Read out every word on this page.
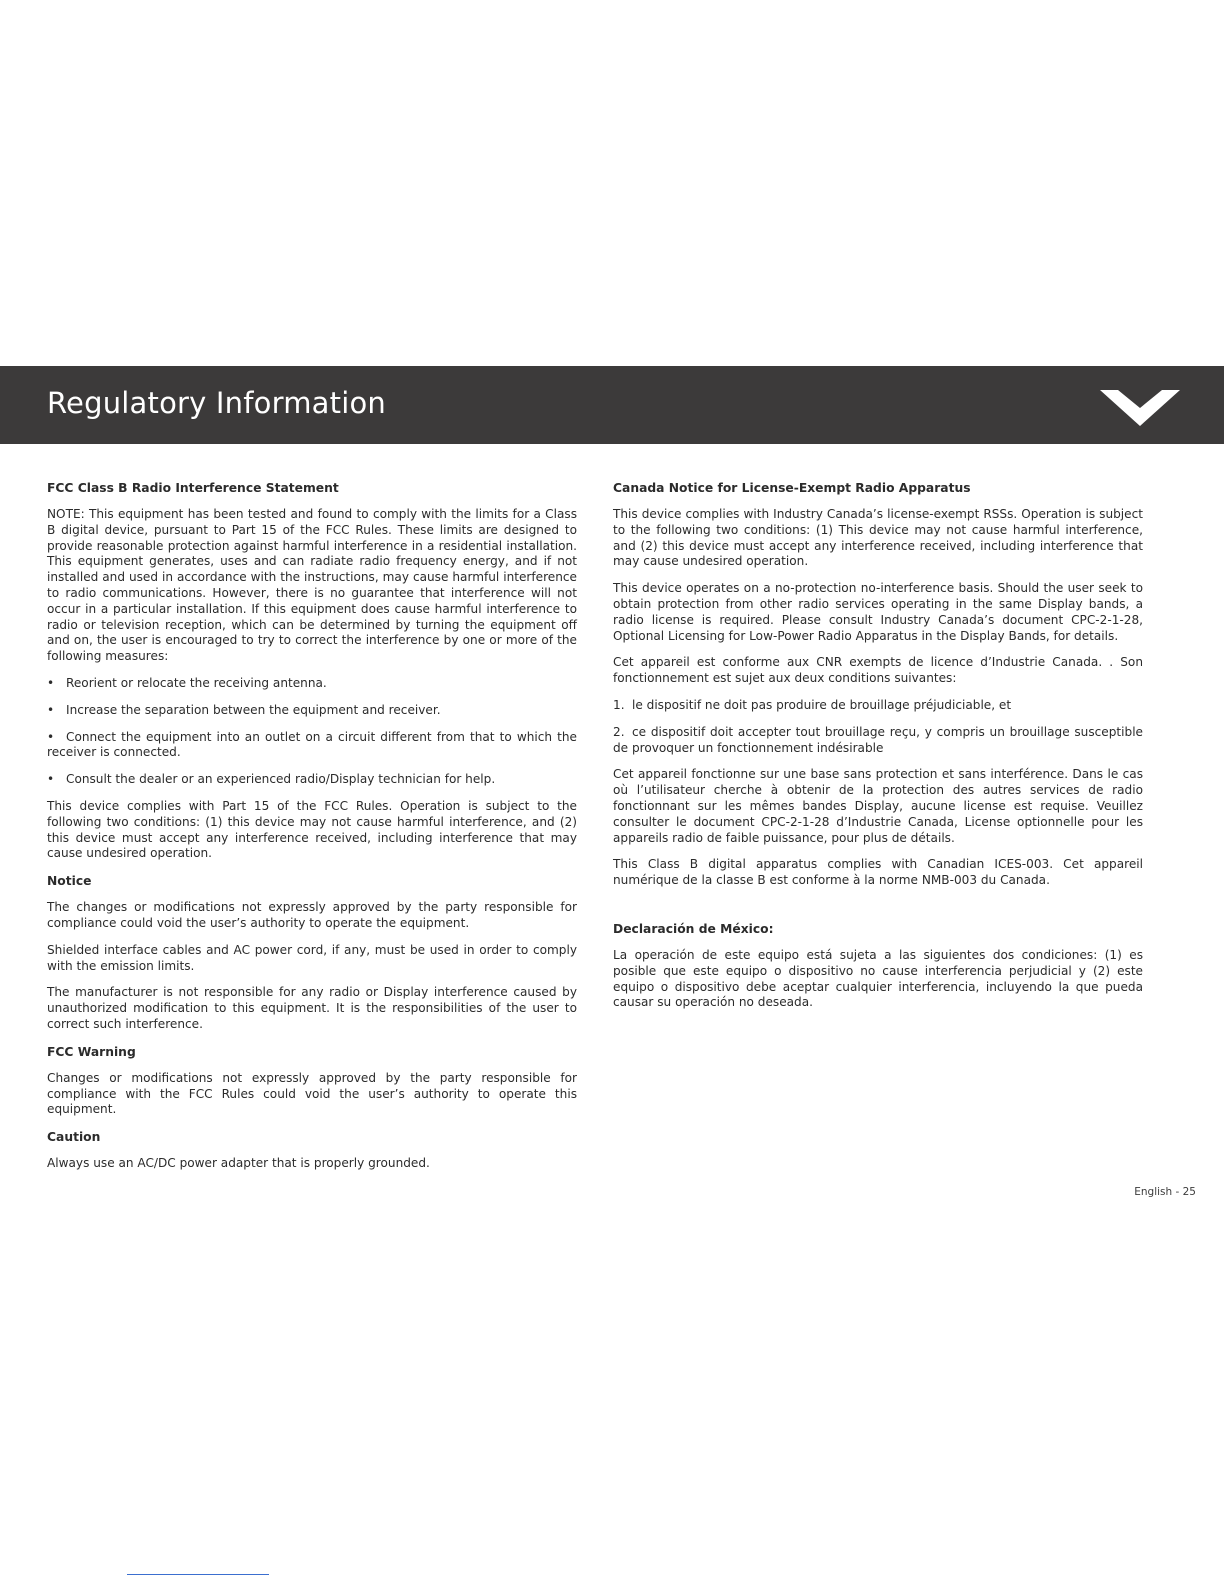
Regulatory Information
FCC Class B Radio Interference Statement

NOTE: This equipment has been tested and found to comply with the limits for a Class B digital device, pursuant to Part 15 of the FCC Rules. These limits are designed to provide reasonable protection against harmful interference in a residential installation. This equipment generates, uses and can radiate radio frequency energy, and if not installed and used in accordance with the instructions, may cause harmful interference to radio communications. However, there is no guarantee that interference will not occur in a particular installation. If this equipment does cause harmful interference to radio or television reception, which can be determined by turning the equipment off and on, the user is encouraged to try to correct the interference by one or more of the following measures:

• Reorient or relocate the receiving antenna.

• Increase the separation between the equipment and receiver.

• Connect the equipment into an outlet on a circuit different from that to which the receiver is connected.

• Consult the dealer or an experienced radio/Display technician for help.

This device complies with Part 15 of the FCC Rules. Operation is subject to the following two conditions: (1) this device may not cause harmful interference, and (2) this device must accept any interference received, including interference that may cause undesired operation.

Notice

The changes or modifications not expressly approved by the party responsible for compliance could void the user’s authority to operate the equipment.

Shielded interface cables and AC power cord, if any, must be used in order to comply with the emission limits.

The manufacturer is not responsible for any radio or Display interference caused by unauthorized modification to this equipment. It is the responsibilities of the user to correct such interference.

FCC Warning

Changes or modifications not expressly approved by the party responsible for compliance with the FCC Rules could void the user’s authority to operate this equipment.

Caution

Always use an AC/DC power adapter that is properly grounded.

Canada Notice for License-Exempt Radio Apparatus

This device complies with Industry Canada’s license-exempt RSSs. Operation is subject to the following two conditions: (1) This device may not cause harmful interference, and (2) this device must accept any interference received, including interference that may cause undesired operation.

This device operates on a no-protection no-interference basis. Should the user seek to obtain protection from other radio services operating in the same Display bands, a radio license is required. Please consult Industry Canada’s document CPC-2-1-28, Optional Licensing for Low-Power Radio Apparatus in the Display Bands, for details.

Cet appareil est conforme aux CNR exempts de licence d’Industrie Canada. . Son fonctionnement est sujet aux deux conditions suivantes:

1. le dispositif ne doit pas produire de brouillage préjudiciable, et

2. ce dispositif doit accepter tout brouillage reçu, y compris un brouillage susceptible de provoquer un fonctionnement indésirable

Cet appareil fonctionne sur une base sans protection et sans interférence. Dans le cas où l’utilisateur cherche à obtenir de la protection des autres services de radio fonctionnant sur les mêmes bandes Display, aucune license est requise. Veuillez consulter le document CPC-2-1-28 d’Industrie Canada, License optionnelle pour les appareils radio de faible puissance, pour plus de détails.

This Class B digital apparatus complies with Canadian ICES-003. Cet appareil numérique de la classe B est conforme à la norme NMB-003 du Canada.

Declaración de México:

La operación de este equipo está sujeta a las siguientes dos condiciones: (1) es posible que este equipo o dispositivo no cause interferencia perjudicial y (2) este equipo o dispositivo debe aceptar cualquier interferencia, incluyendo la que pueda causar su operación no deseada.

English - 25
